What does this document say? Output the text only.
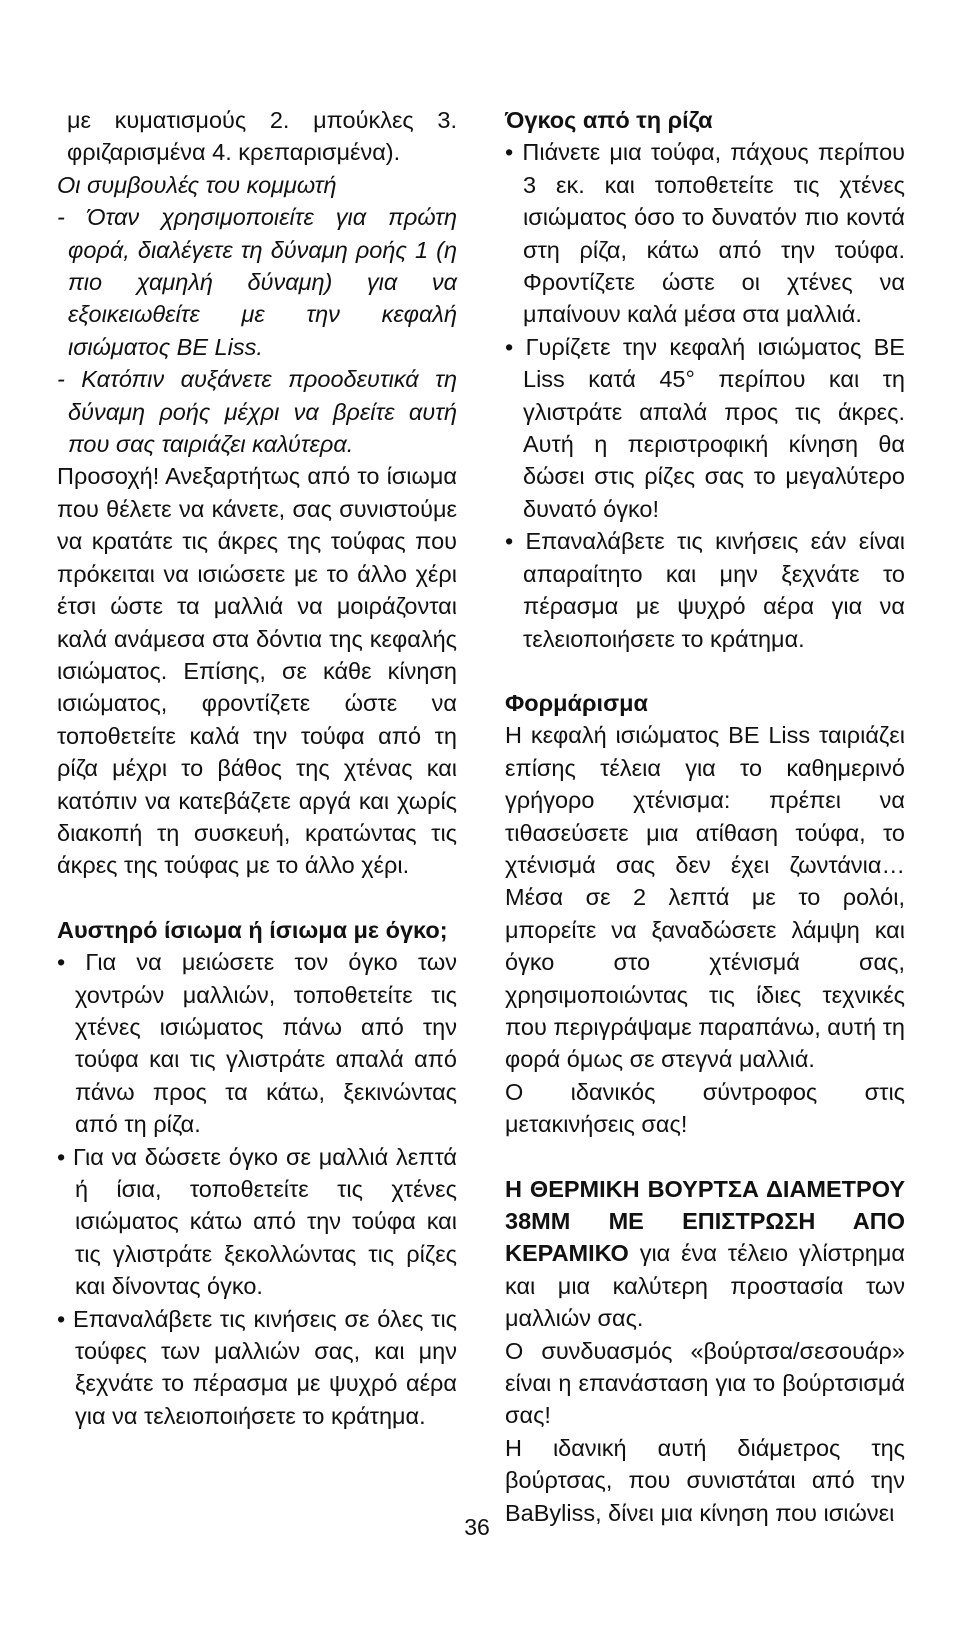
με κυματισμούς 2. μπούκλες 3. φριζαρισμένα 4. κρεπαρισμένα).

Οι συμβουλές του κομμωτή

- Όταν χρησιμοποιείτε για πρώτη φορά, διαλέγετε τη δύναμη ροής 1 (η πιο χαμηλή δύναμη) για να εξοικειωθείτε με την κεφαλή ισιώματος BE Liss.

- Κατόπιν αυξάνετε προοδευτικά τη δύναμη ροής μέχρι να βρείτε αυτή που σας ταιριάζει καλύτερα.

Προσοχή! Ανεξαρτήτως από το ίσιωμα που θέλετε να κάνετε, σας συνιστούμε να κρατάτε τις άκρες της τούφας που πρόκειται να ισιώσετε με το άλλο χέρι έτσι ώστε τα μαλλιά να μοιράζονται καλά ανάμεσα στα δόντια της κεφαλής ισιώματος. Επίσης, σε κάθε κίνηση ισιώματος, φροντίζετε ώστε να τοποθετείτε καλά την τούφα από τη ρίζα μέχρι το βάθος της χτένας και κατόπιν να κατεβάζετε αργά και χωρίς διακοπή τη συσκευή, κρατώντας τις άκρες της τούφας με το άλλο χέρι.

Αυστηρό ίσιωμα ή ίσιωμα με όγκο;

• Για να μειώσετε τον όγκο των χοντρών μαλλιών, τοποθετείτε τις χτένες ισιώματος πάνω από την τούφα και τις γλιστράτε απαλά από πάνω προς τα κάτω, ξεκινώντας από τη ρίζα.

• Για να δώσετε όγκο σε μαλλιά λεπτά ή ίσια, τοποθετείτε τις χτένες ισιώματος κάτω από την τούφα και τις γλιστράτε ξεκολλώντας τις ρίζες και δίνοντας όγκο.

• Επαναλάβετε τις κινήσεις σε όλες τις τούφες των μαλλιών σας, και μην ξεχνάτε το πέρασμα με ψυχρό αέρα για να τελειοποιήσετε το κράτημα.

Όγκος από τη ρίζα

• Πιάνετε μια τούφα, πάχους περίπου 3 εκ. και τοποθετείτε τις χτένες ισιώματος όσο το δυνατόν πιο κοντά στη ρίζα, κάτω από την τούφα. Φροντίζετε ώστε οι χτένες να μπαίνουν καλά μέσα στα μαλλιά.

• Γυρίζετε την κεφαλή ισιώματος BE Liss κατά 45° περίπου και τη γλιστράτε απαλά προς τις άκρες. Αυτή η περιστροφική κίνηση θα δώσει στις ρίζες σας το μεγαλύτερο δυνατό όγκο!

• Επαναλάβετε τις κινήσεις εάν είναι απαραίτητο και μην ξεχνάτε το πέρασμα με ψυχρό αέρα για να τελειοποιήσετε το κράτημα.

Φορμάρισμα

Η κεφαλή ισιώματος BE Liss ταιριάζει επίσης τέλεια για το καθημερινό γρήγορο χτένισμα: πρέπει να τιθασεύσετε μια ατίθαση τούφα, το χτένισμά σας δεν έχει ζωντάνια… Μέσα σε 2 λεπτά με το ρολόι, μπορείτε να ξαναδώσετε λάμψη και όγκο στο χτένισμά σας, χρησιμοποιώντας τις ίδιες τεχνικές που περιγράψαμε παραπάνω, αυτή τη φορά όμως σε στεγνά μαλλιά.

Ο ιδανικός σύντροφος στις μετακινήσεις σας!

Η ΘΕΡΜΙΚΗ ΒΟΥΡΤΣΑ ΔΙΑΜΕΤΡΟΥ 38ΜΜ ΜΕ ΕΠΙΣΤΡΩΣΗ ΑΠΟ ΚΕΡΑΜΙΚΟ για ένα τέλειο γλίστρημα και μια καλύτερη προστασία των μαλλιών σας.

Ο συνδυασμός «βούρτσα/σεσουάρ» είναι η επανάσταση για το βούρτσισμά σας!

Η ιδανική αυτή διάμετρος της βούρτσας, που συνιστάται από την BaByliss, δίνει μια κίνηση που ισιώνει

36
